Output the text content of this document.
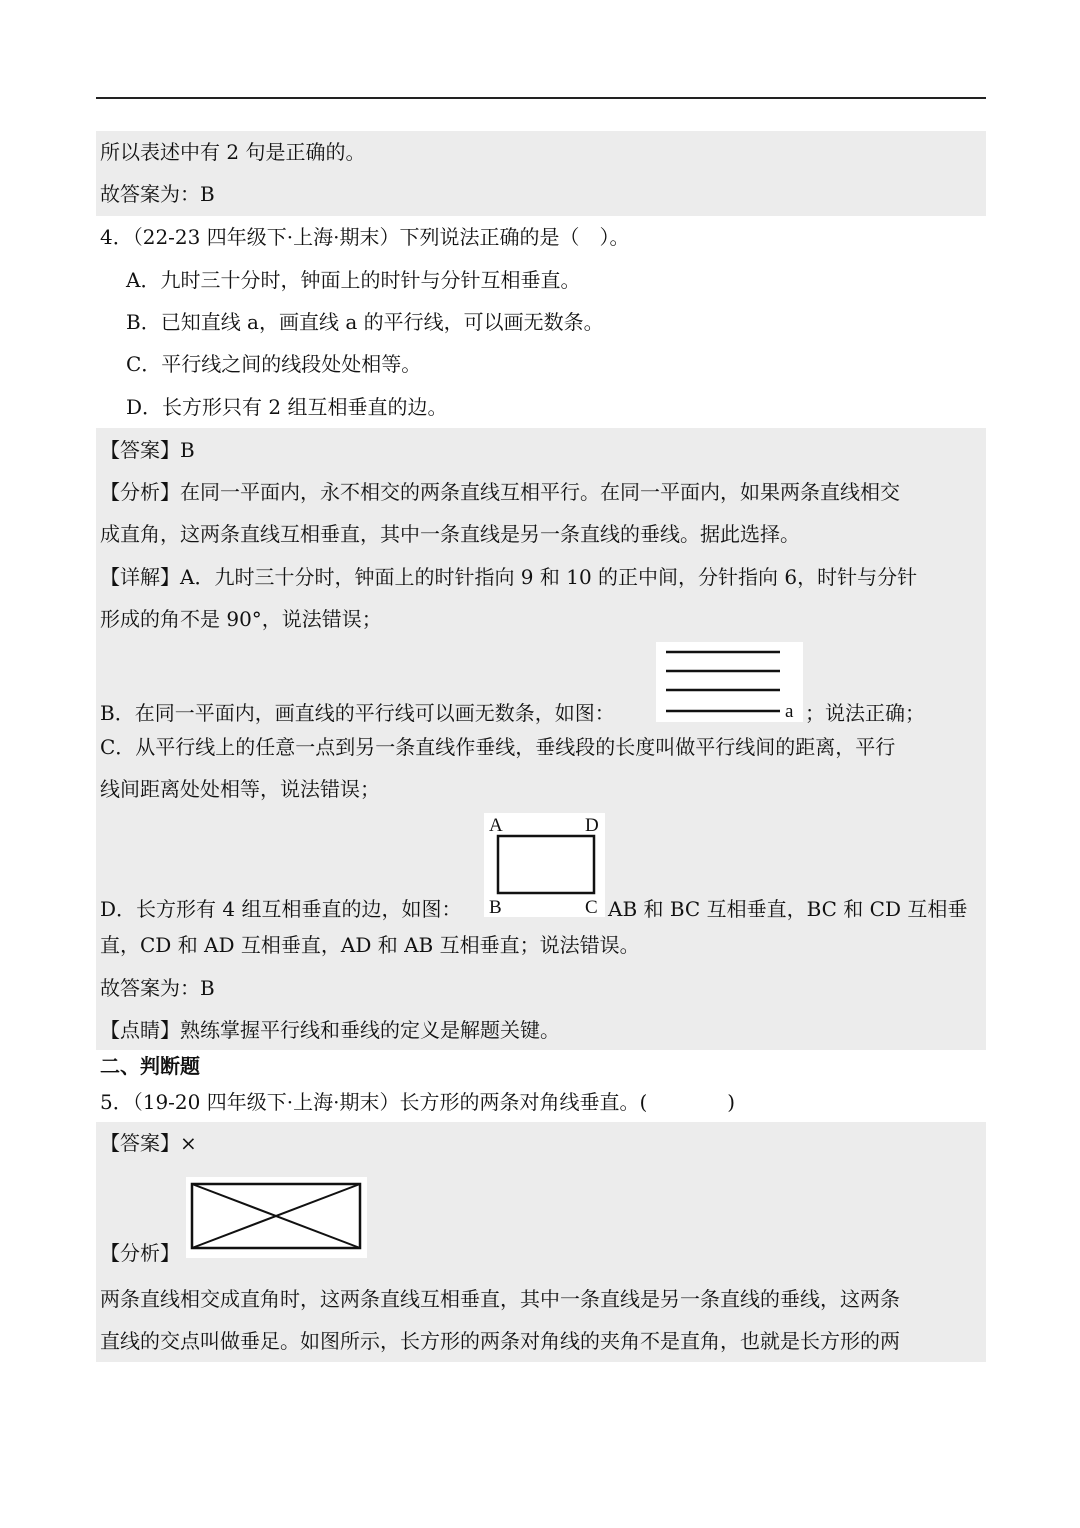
所以表述中有 2 句是正确的。
故答案为：B
4．（22-23 四年级下·上海·期末）下列说法正确的是（　）。
A．九时三十分时，钟面上的时针与分针互相垂直。
B．已知直线 a，画直线 a 的平行线，可以画无数条。
C．平行线之间的线段处处相等。
D．长方形只有 2 组互相垂直的边。
【答案】B
【分析】在同一平面内，永不相交的两条直线互相平行。在同一平面内，如果两条直线相交
成直角，这两条直线互相垂直，其中一条直线是另一条直线的垂线。据此选择。
【详解】A．九时三十分时，钟面上的时针指向 9 和 10 的正中间，分针指向 6，时针与分针
形成的角不是 90°，说法错误；
B．在同一平面内，画直线的平行线可以画无数条，如图：	a ；说法正确；
C．从平行线上的任意一点到另一条直线作垂线，垂线段的长度叫做平行线间的距离，平行
线间距离处处相等，说法错误；
D．长方形有 4 组互相垂直的边，如图：
A	D
B	C AB 和 BC 互相垂直，BC 和 CD 互相垂
直，CD 和 AD 互相垂直，AD 和 AB 互相垂直；说法错误。
故答案为：B
【点睛】熟练掌握平行线和垂线的定义是解题关键。
二、判断题
5．（19-20 四年级下·上海·期末）长方形的两条对角线垂直。(　　　　)
【答案】×
【分析】
两条直线相交成直角时，这两条直线互相垂直，其中一条直线是另一条直线的垂线，这两条
直线的交点叫做垂足。如图所示，长方形的两条对角线的夹角不是直角，也就是长方形的两
